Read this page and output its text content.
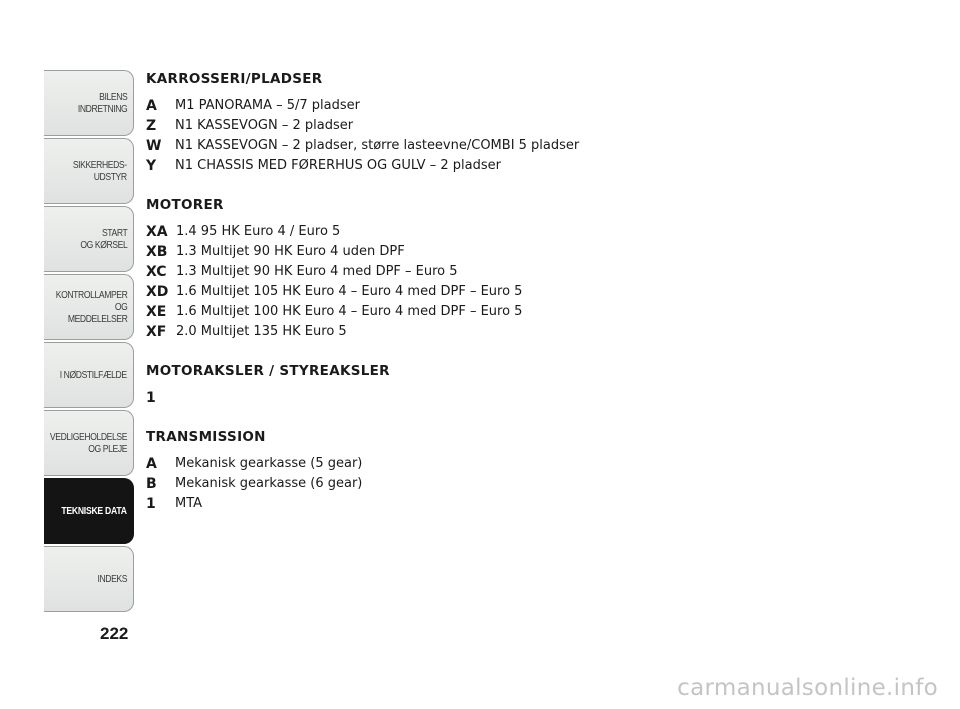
BILENS
INDRETNING
SIKKERHEDS-
UDSTYR
START
OG KØRSEL
KONTROLLAMPER
OG MEDDELELSER
I NØDSTILFÆLDE
VEDLIGEHOLDELSE
OG PLEJE
TEKNISKE DATA
INDEKS
222
KARROSSERI/PLADSER
A	M1 PANORAMA – 5/7 pladser
Z	N1 KASSEVOGN – 2 pladser
W	N1 KASSEVOGN – 2 pladser, større lasteevne/COMBI 5 pladser
Y	N1 CHASSIS MED FØRERHUS OG GULV – 2 pladser
MOTORER
XA 1.4 95 HK Euro 4 / Euro 5
XB 1.3 Multijet 90 HK Euro 4 uden DPF
XC 1.3 Multijet 90 HK Euro 4 med DPF – Euro 5
XD 1.6 Multijet 105 HK Euro 4 – Euro 4 med DPF – Euro 5
XE 1.6 Multijet 100 HK Euro 4 – Euro 4 med DPF – Euro 5
XF 2.0 Multijet 135 HK Euro 5
MOTORAKSLER / STYREAKSLER
1
TRANSMISSION
A	Mekanisk gearkasse (5 gear)
B	Mekanisk gearkasse (6 gear)
1	MTA
carmanualsonline.info
